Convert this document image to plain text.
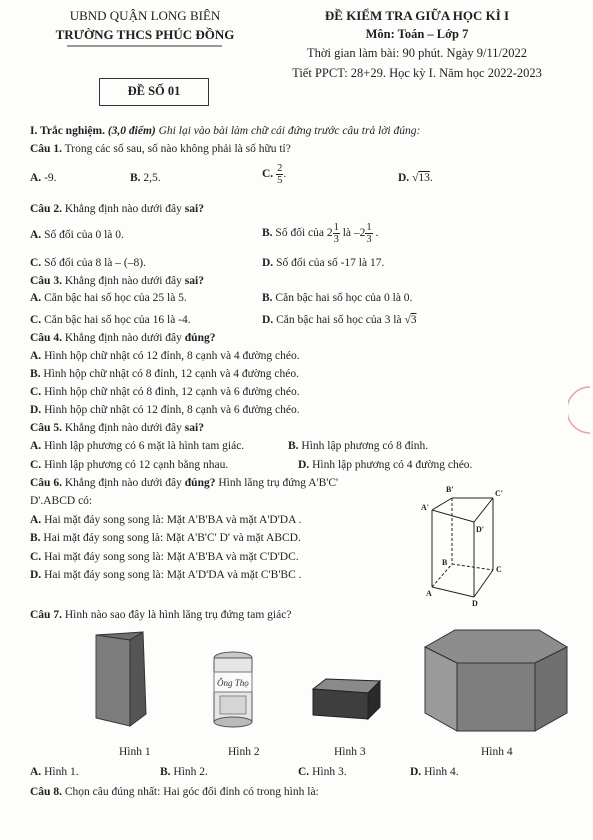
UBND QUẬN LONG BIÊN
TRƯỜNG THCS PHÚC ĐỒNG
ĐỀ SỐ 01
ĐỀ KIỂM TRA GIỮA HỌC KÌ I
Môn: Toán – Lớp 7
Thời gian làm bài: 90 phút. Ngày 9/11/2022
Tiết PPCT: 28+29. Học kỳ I. Năm học 2022-2023
I. Trắc nghiệm. (3,0 điểm) Ghi lại vào bài làm chữ cái đứng trước câu trả lời đúng:
Câu 1. Trong các số sau, số nào không phải là số hữu tỉ?
A. -9.	B. 2,5.	C. $\frac{2}{5}$ .	D. √13.
Câu 2. Khẳng định nào dưới đây sai?
A. Số đối của 0 là 0.	B. Số đối của $2 \frac{1}{3}$ là $-2 \frac{1}{3}$ .
C. Số đối của 8 là – (–8).	D. Số đối của số -17 là 17.
Câu 3. Khẳng định nào dưới đây sai?
A. Căn bậc hai số học của 25 là 5.	B. Căn bậc hai số học của 0 là 0.
C. Căn bậc hai số học của 16 là -4.	D. Căn bậc hai số học của 3 là √3
Câu 4. Khẳng định nào dưới đây đúng?
A. Hình hộp chữ nhật có 12 đỉnh, 8 cạnh và 4 đường chéo.
B. Hình hộp chữ nhật có 8 đỉnh, 12 cạnh và 4 đường chéo.
C. Hình hộp chữ nhật có 8 đỉnh, 12 cạnh và 6 đường chéo.
D. Hình hộp chữ nhật có 12 đỉnh, 8 cạnh và 6 đường chéo.
Câu 5. Khẳng định nào dưới đây sai?
A. Hình lập phương có 6 mặt là hình tam giác.	B. Hình lập phương có 8 đỉnh.
C. Hình lập phương có 12 cạnh bằng nhau.	D. Hình lập phương có 4 đường chéo.
Câu 6. Khẳng định nào dưới đây đúng? Hình lăng trụ đứng A'B'C'
D'.ABCD có:
A. Hai mặt đáy song song là: Mặt A'B'BA và mặt A'D'DA .
B. Hai mặt đáy song song là: Mặt A'B'C' D' và mặt ABCD.
C. Hai mặt đáy song song là: Mặt A'B'BA và mặt C'D'DC.
D. Hai mặt đáy song song là: Mặt A'D'DA và mặt C'B'BC .
B'	C'
A'
D'
B
C
A
D
Câu 7. Hình nào sao đây là hình lăng trụ đứng tam giác?
Ông Thọ
Hình 1	Hình 2	Hình 3	Hình 4
A. Hình 1.	B. Hình 2.	C. Hình 3.	D. Hình 4.
Câu 8. Chọn câu đúng nhất: Hai góc đối đỉnh có trong hình là:
